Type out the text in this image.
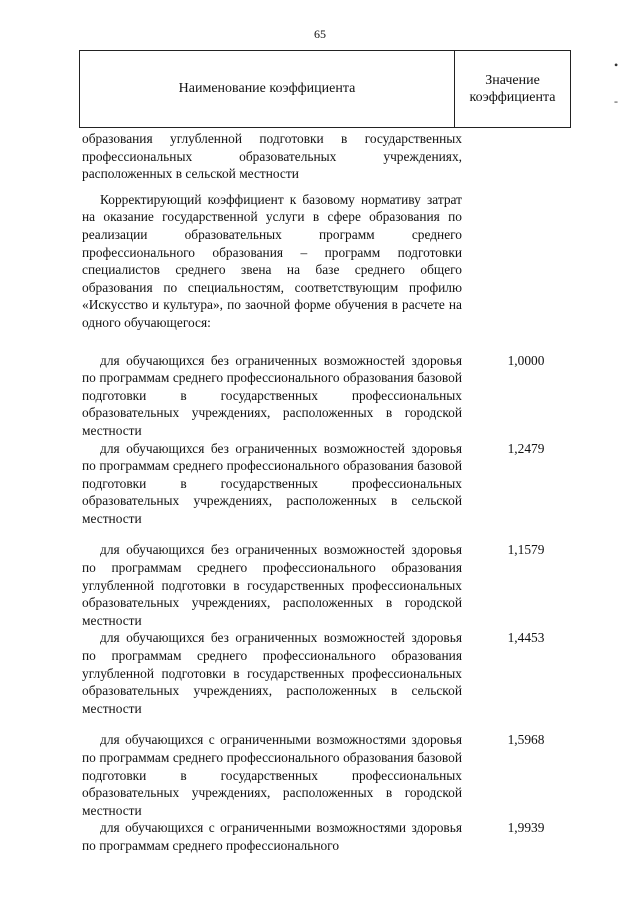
65
•
-
Наименование коэффициента
Значение
коэффициента

образования углубленной подготовки в государственных профессиональных образовательных учреждениях, расположенных в сельской местности

Корректирующий коэффициент к базовому нормативу затрат на оказание государственной услуги в сфере образования по реализации образовательных программ среднего профессионального образования – программ подготовки специалистов среднего звена на базе среднего общего образования по специальностям, соответствующим профилю «Искусство и культура», по заочной форме обучения в расчете на одного обучающегося:

для обучающихся без ограниченных возможностей здоровья по программам среднего профессионального образования базовой подготовки в государственных профессиональных образовательных учреждениях, расположенных в городской местности

1,0000

для обучающихся без ограниченных возможностей здоровья по программам среднего профессионального образования базовой подготовки в государственных профессиональных образовательных учреждениях, расположенных в сельской местности

1,2479

для обучающихся без ограниченных возможностей здоровья по программам среднего профессионального образования углубленной подготовки в государственных профессиональных образовательных учреждениях, расположенных в городской местности

1,1579

для обучающихся без ограниченных возможностей здоровья по программам среднего профессионального образования углубленной подготовки в государственных профессиональных образовательных учреждениях, расположенных в сельской местности

1,4453

для обучающихся с ограниченными возможностями здоровья по программам среднего профессионального образования базовой подготовки в государственных профессиональных образовательных учреждениях, расположенных в городской местности

1,5968

для обучающихся с ограниченными возможностями здоровья по программам среднего профессионального

1,9939
